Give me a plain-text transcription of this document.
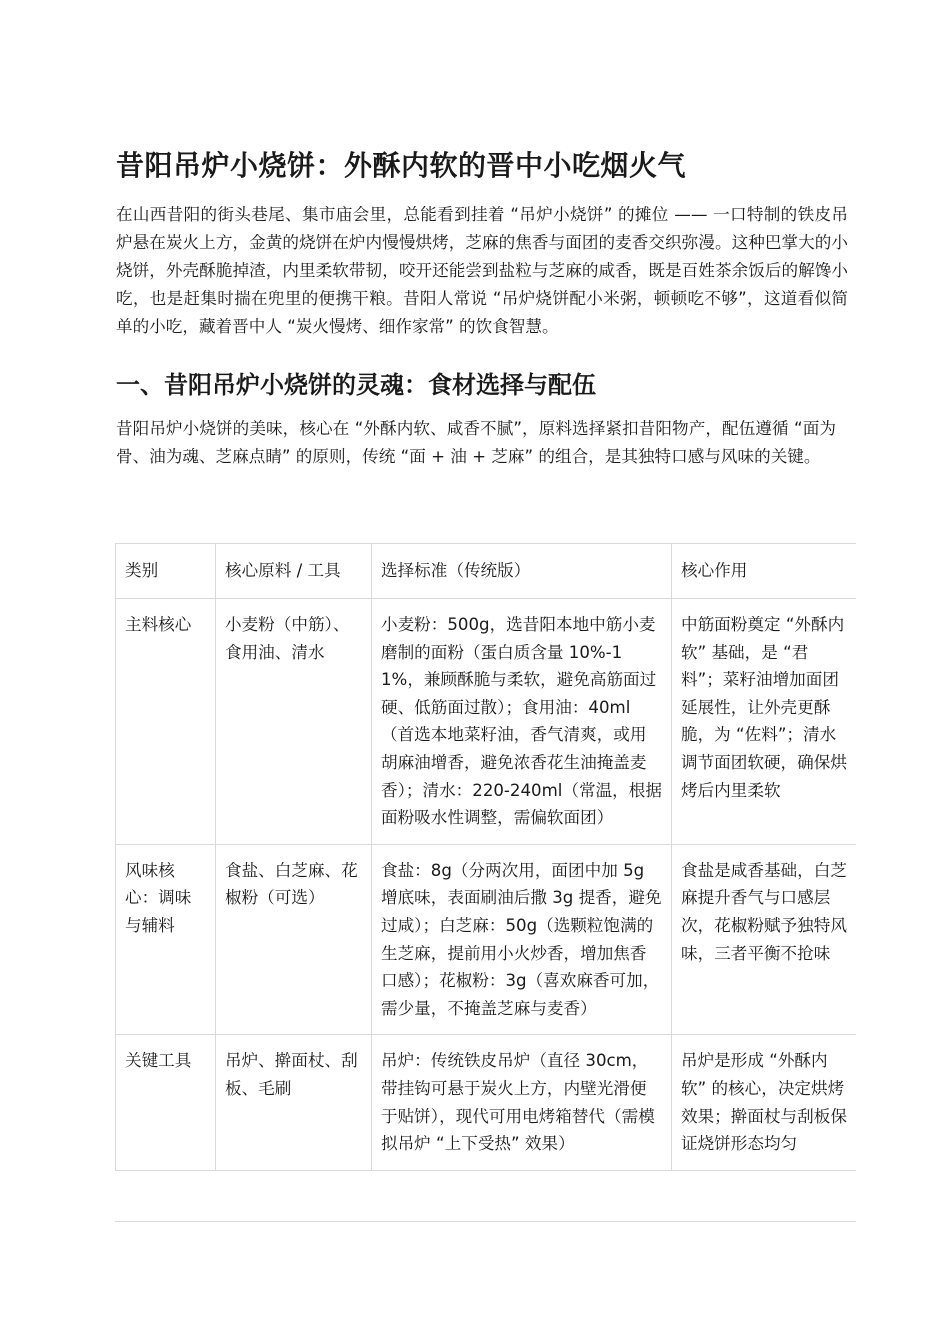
昔阳吊炉小烧饼：外酥内软的晋中小吃烟火气

在山西昔阳的街头巷尾、集市庙会里，总能看到挂着 “吊炉小烧饼” 的摊位 —— 一口特制的铁皮吊炉悬在炭火上方，金黄的烧饼在炉内慢慢烘烤，芝麻的焦香与面团的麦香交织弥漫。这种巴掌大的小烧饼，外壳酥脆掉渣，内里柔软带韧，咬开还能尝到盐粒与芝麻的咸香，既是百姓茶余饭后的解馋小吃，也是赶集时揣在兜里的便携干粮。昔阳人常说 “吊炉烧饼配小米粥，顿顿吃不够”，这道看似简单的小吃，藏着晋中人 “炭火慢烤、细作家常” 的饮食智慧。

一、昔阳吊炉小烧饼的灵魂：食材选择与配伍

昔阳吊炉小烧饼的美味，核心在 “外酥内软、咸香不腻”，原料选择紧扣昔阳物产，配伍遵循 “面为骨、油为魂、芝麻点睛” 的原则，传统 “面 + 油 + 芝麻” 的组合，是其独特口感与风味的关键。

类别	核心原料 / 工具	选择标准（传统版）	核心作用
主料核心	小麦粉（中筋）、食用油、清水	小麦粉：500g，选昔阳本地中筋小麦磨制的面粉（蛋白质含量 10%-11%，兼顾酥脆与柔软，避免高筋面过硬、低筋面过散）；食用油：40ml（首选本地菜籽油，香气清爽，或用胡麻油增香，避免浓香花生油掩盖麦香）；清水：220-240ml（常温，根据面粉吸水性调整，需偏软面团）	中筋面粉奠定 “外酥内软” 基础，是 “君料”；菜籽油增加面团延展性，让外壳更酥脆，为 “佐料”；清水调节面团软硬，确保烘烤后内里柔软
风味核心：调味与辅料	食盐、白芝麻、花椒粉（可选）	食盐：8g（分两次用，面团中加 5g 增底味，表面刷油后撒 3g 提香，避免过咸）；白芝麻：50g（选颗粒饱满的生芝麻，提前用小火炒香，增加焦香口感）；花椒粉：3g（喜欢麻香可加，需少量，不掩盖芝麻与麦香）	食盐是咸香基础，白芝麻提升香气与口感层次，花椒粉赋予独特风味，三者平衡不抢味
关键工具	吊炉、擀面杖、刮板、毛刷	吊炉：传统铁皮吊炉（直径 30cm，带挂钩可悬于炭火上方，内壁光滑便于贴饼），现代可用电烤箱替代（需模拟吊炉 “上下受热” 效果）	吊炉是形成 “外酥内软” 的核心，决定烘烤效果；擀面杖与刮板保证烧饼形态均匀
